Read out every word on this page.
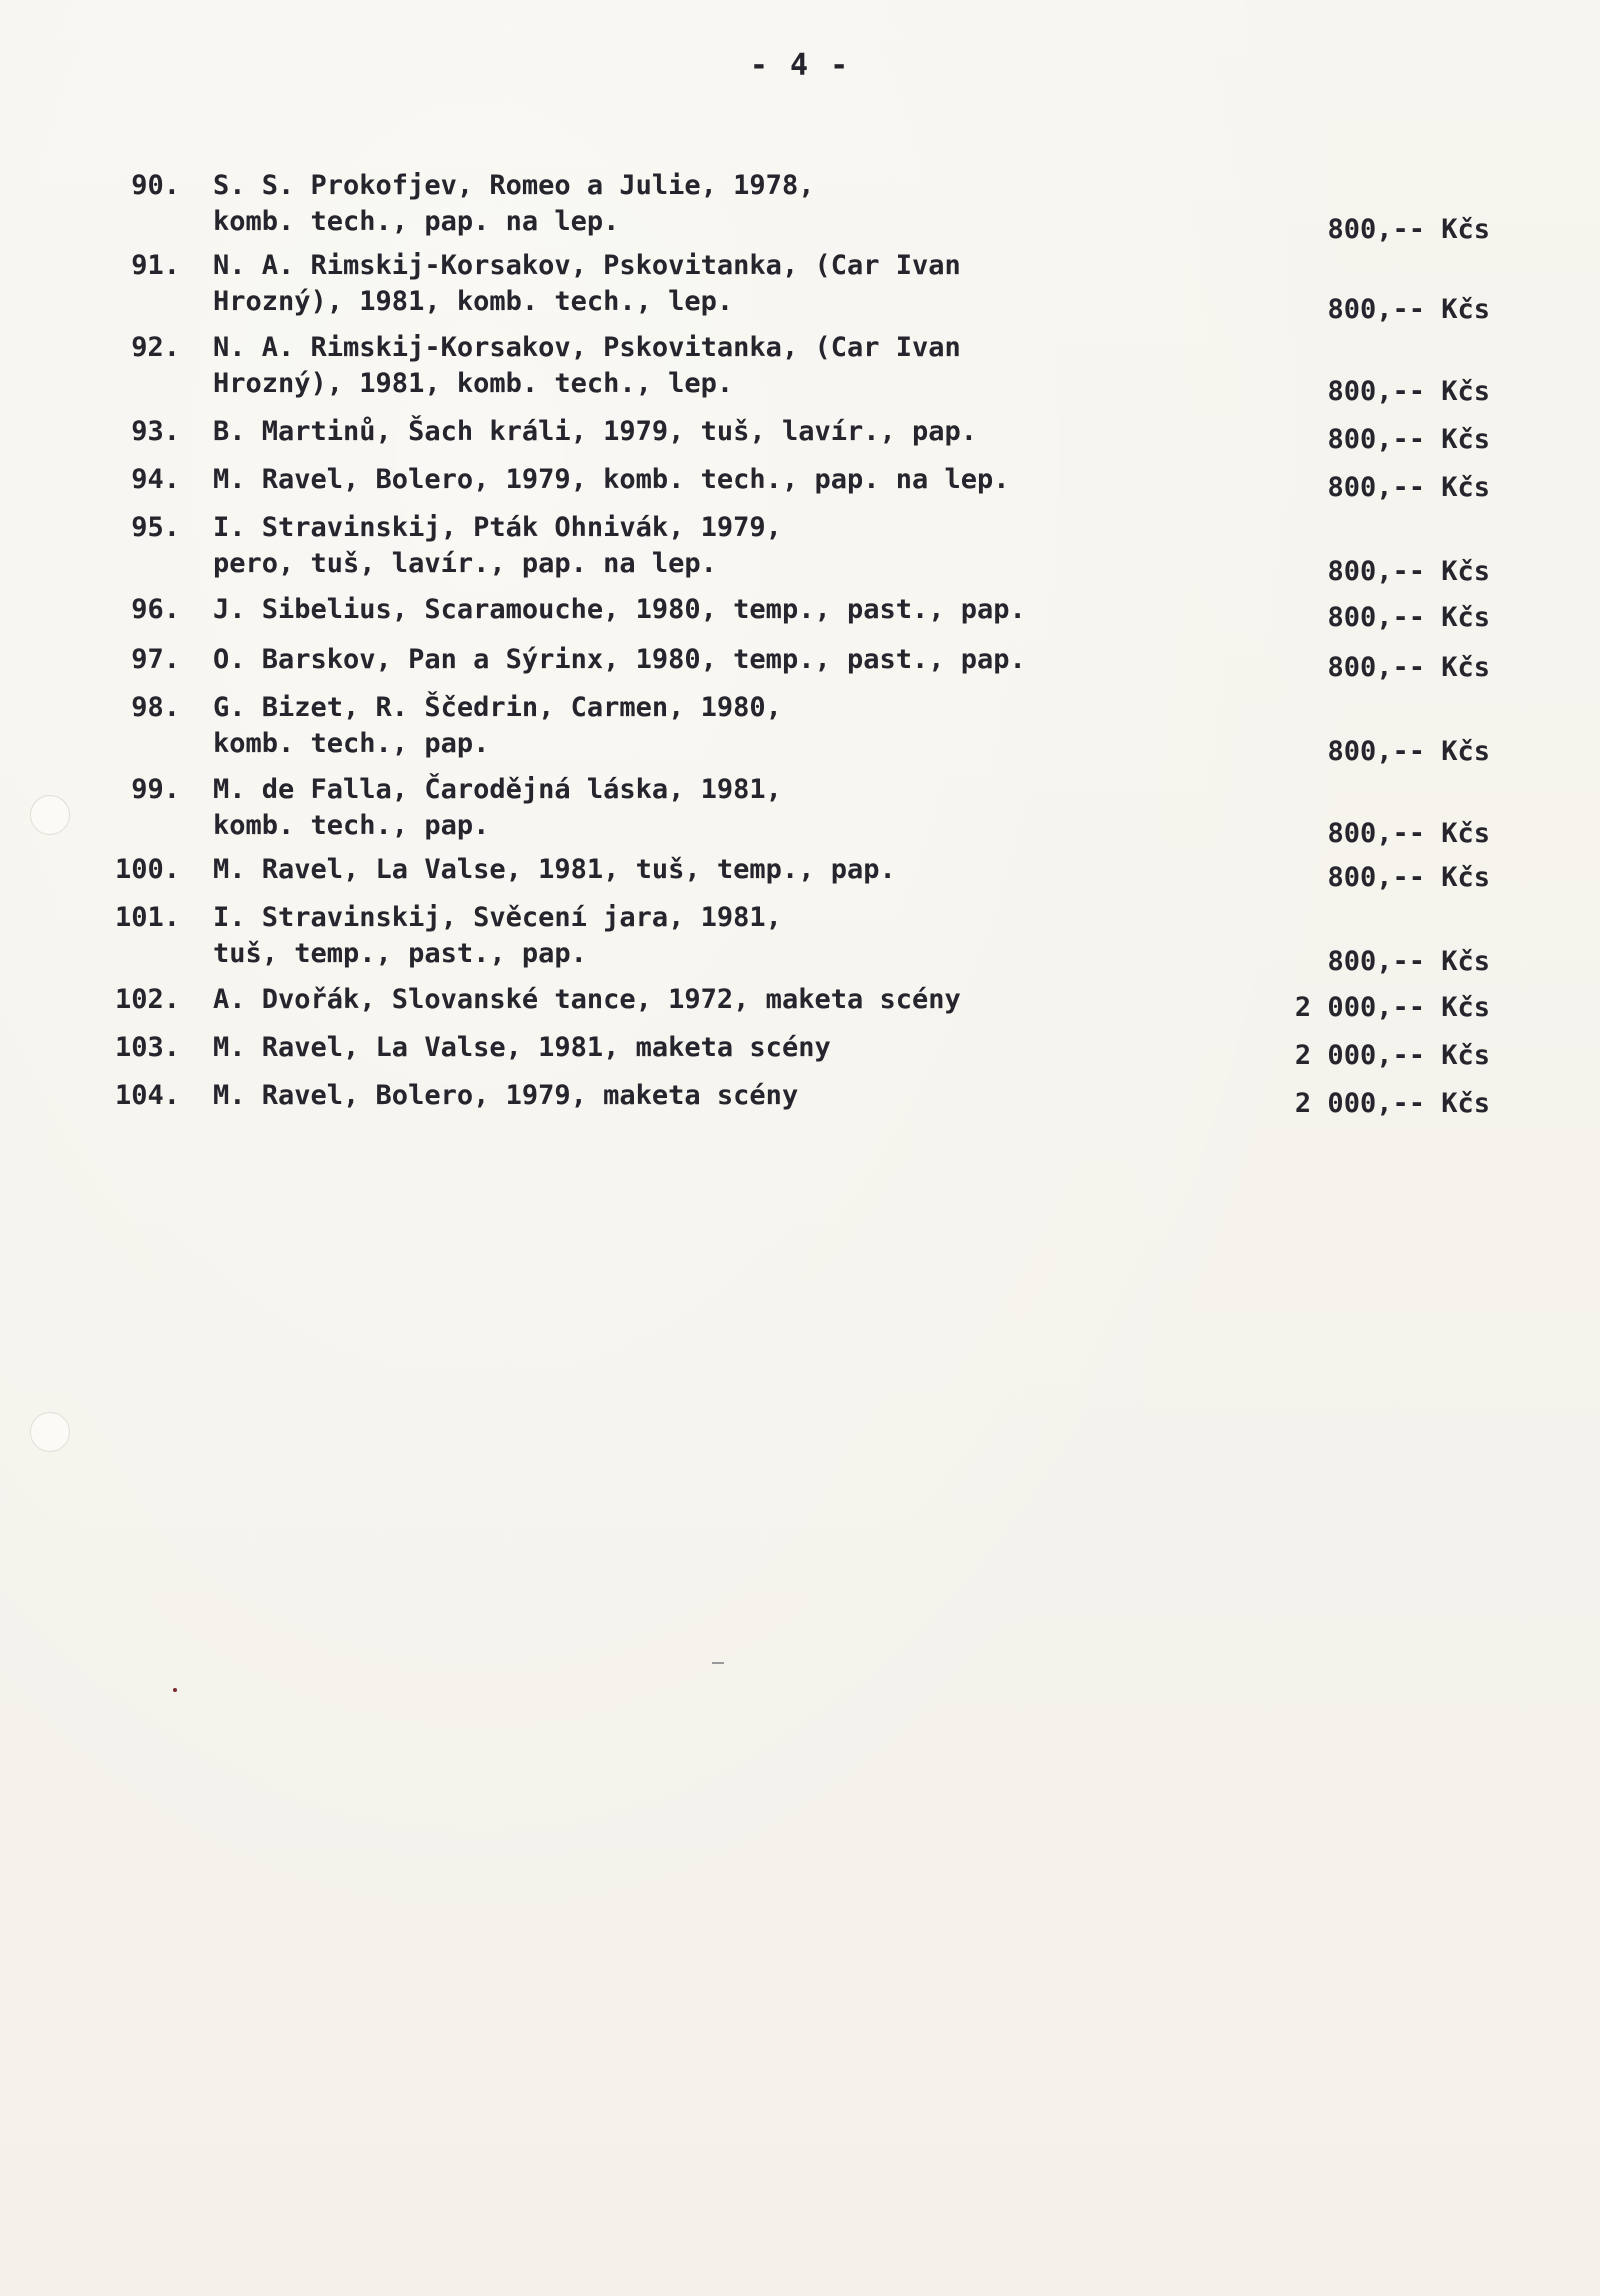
- 4 -
90. S. S. Prokofjev, Romeo a Julie, 1978,
komb. tech., pap. na lep.	800,-- Kčs
91. N. A. Rimskij-Korsakov, Pskovitanka, (Car Ivan
Hrozný), 1981, komb. tech., lep.	800,-- Kčs
92. N. A. Rimskij-Korsakov, Pskovitanka, (Car Ivan
Hrozný), 1981, komb. tech., lep.	800,-- Kčs
93. B. Martinů, Šach králi, 1979, tuš, lavír., pap.	800,-- Kčs
94. M. Ravel, Bolero, 1979, komb. tech., pap. na lep.	800,-- Kčs
95. I. Stravinskij, Pták Ohnivák, 1979,
pero, tuš, lavír., pap. na lep.	800,-- Kčs
96. J. Sibelius, Scaramouche, 1980, temp., past., pap.	800,-- Kčs
97. O. Barskov, Pan a Sýrinx, 1980, temp., past., pap.	800,-- Kčs
98. G. Bizet, R. Ščedrin, Carmen, 1980,
komb. tech., pap.	800,-- Kčs
99. M. de Falla, Čarodějná láska, 1981,
komb. tech., pap.	800,-- Kčs
100. M. Ravel, La Valse, 1981, tuš, temp., pap.	800,-- Kčs
101. I. Stravinskij, Svěcení jara, 1981,
tuš, temp., past., pap.	800,-- Kčs
102. A. Dvořák, Slovanské tance, 1972, maketa scény	2 000,-- Kčs
103. M. Ravel, La Valse, 1981, maketa scény	2 000,-- Kčs
104. M. Ravel, Bolero, 1979, maketa scény	2 000,-- Kčs
